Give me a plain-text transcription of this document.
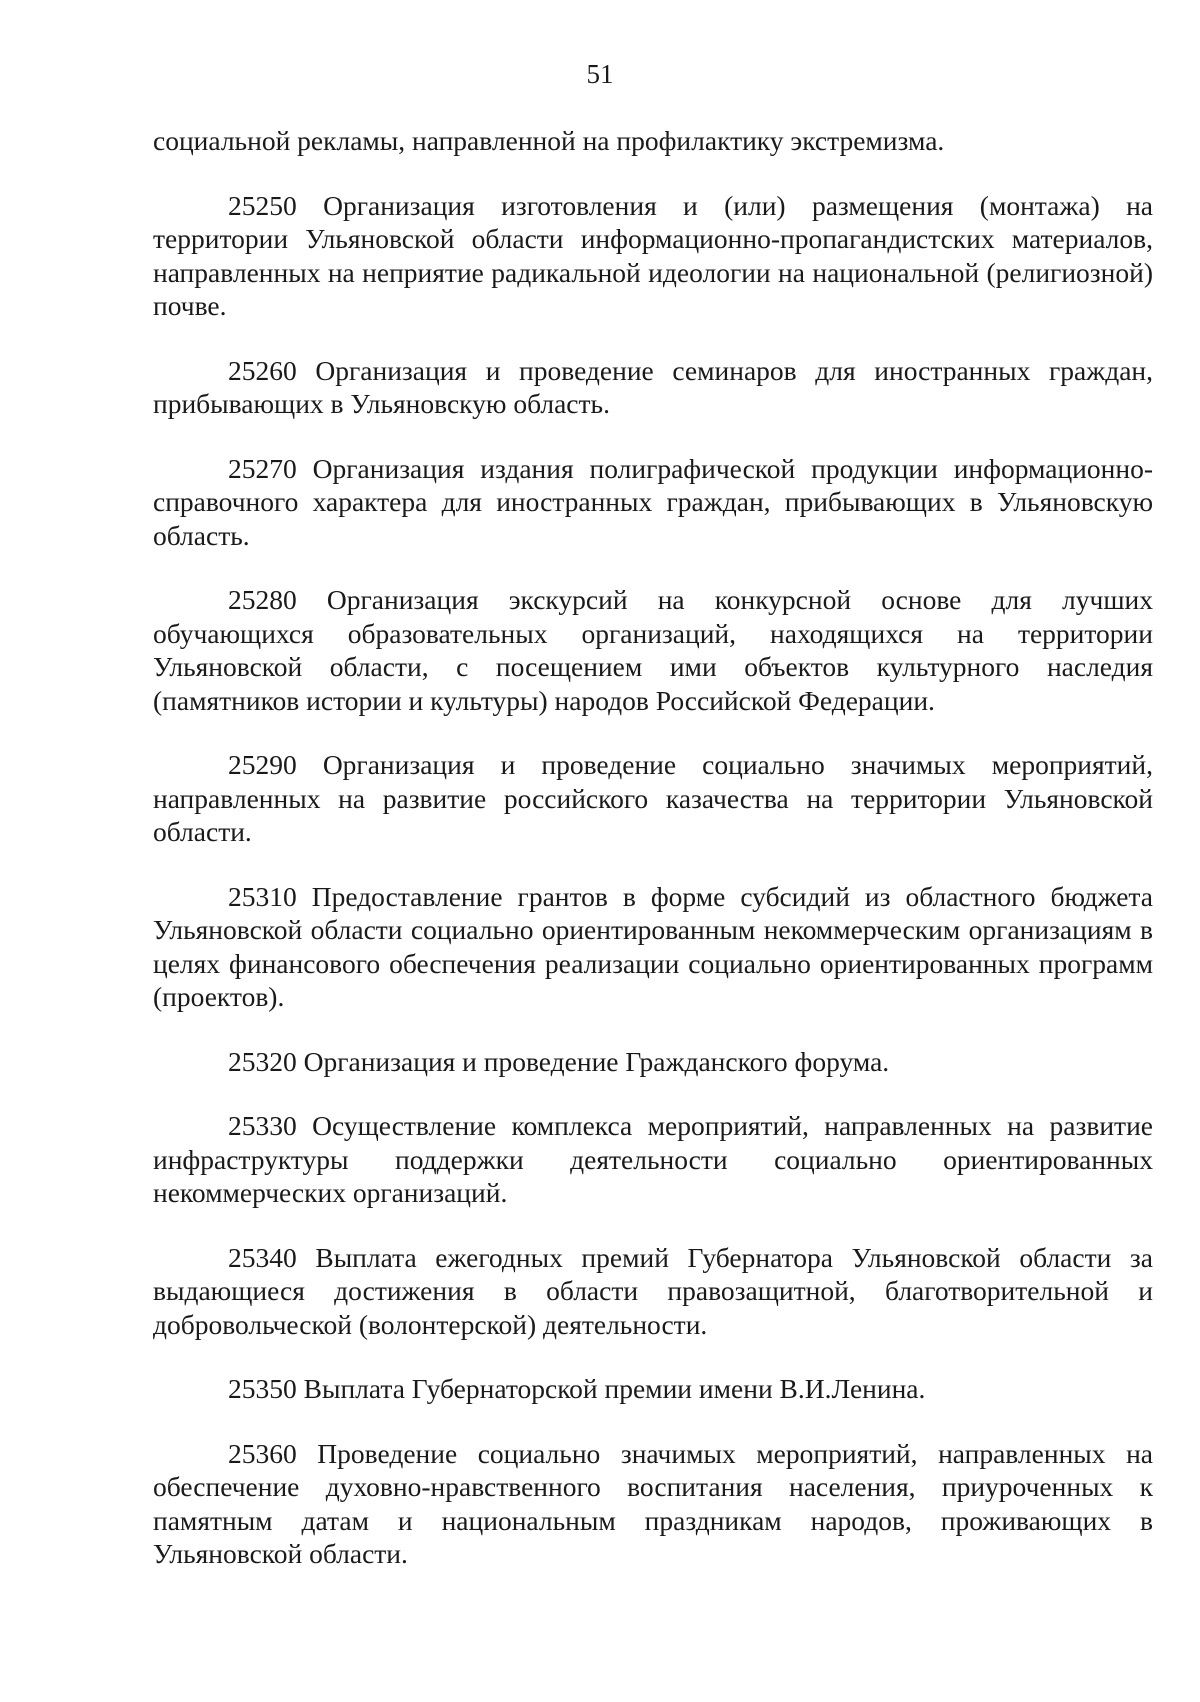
51

социальной рекламы, направленной на профилактику экстремизма.

25250 Организация изготовления и (или) размещения (монтажа) на территории Ульяновской области информационно-пропагандистских материалов, направленных на неприятие радикальной идеологии на национальной (религиозной) почве.

25260 Организация и проведение семинаров для иностранных граждан, прибывающих в Ульяновскую область.

25270 Организация издания полиграфической продукции информационно-справочного характера для иностранных граждан, прибывающих в Ульяновскую область.

25280 Организация экскурсий на конкурсной основе для лучших обучающихся образовательных организаций, находящихся на территории Ульяновской области, с посещением ими объектов культурного наследия (памятников истории и культуры) народов Российской Федерации.

25290 Организация и проведение социально значимых мероприятий, направленных на развитие российского казачества на территории Ульяновской области.

25310 Предоставление грантов в форме субсидий из областного бюджета Ульяновской области социально ориентированным некоммерческим организациям в целях финансового обеспечения реализации социально ориентированных программ (проектов).

25320 Организация и проведение Гражданского форума.

25330 Осуществление комплекса мероприятий, направленных на развитие инфраструктуры поддержки деятельности социально ориентированных некоммерческих организаций.

25340 Выплата ежегодных премий Губернатора Ульяновской области за выдающиеся достижения в области правозащитной, благотворительной и добровольческой (волонтерской) деятельности.

25350 Выплата Губернаторской премии имени В.И.Ленина.

25360 Проведение социально значимых мероприятий, направленных на обеспечение духовно-нравственного воспитания населения, приуроченных к памятным датам и национальным праздникам народов, проживающих в Ульяновской области.
